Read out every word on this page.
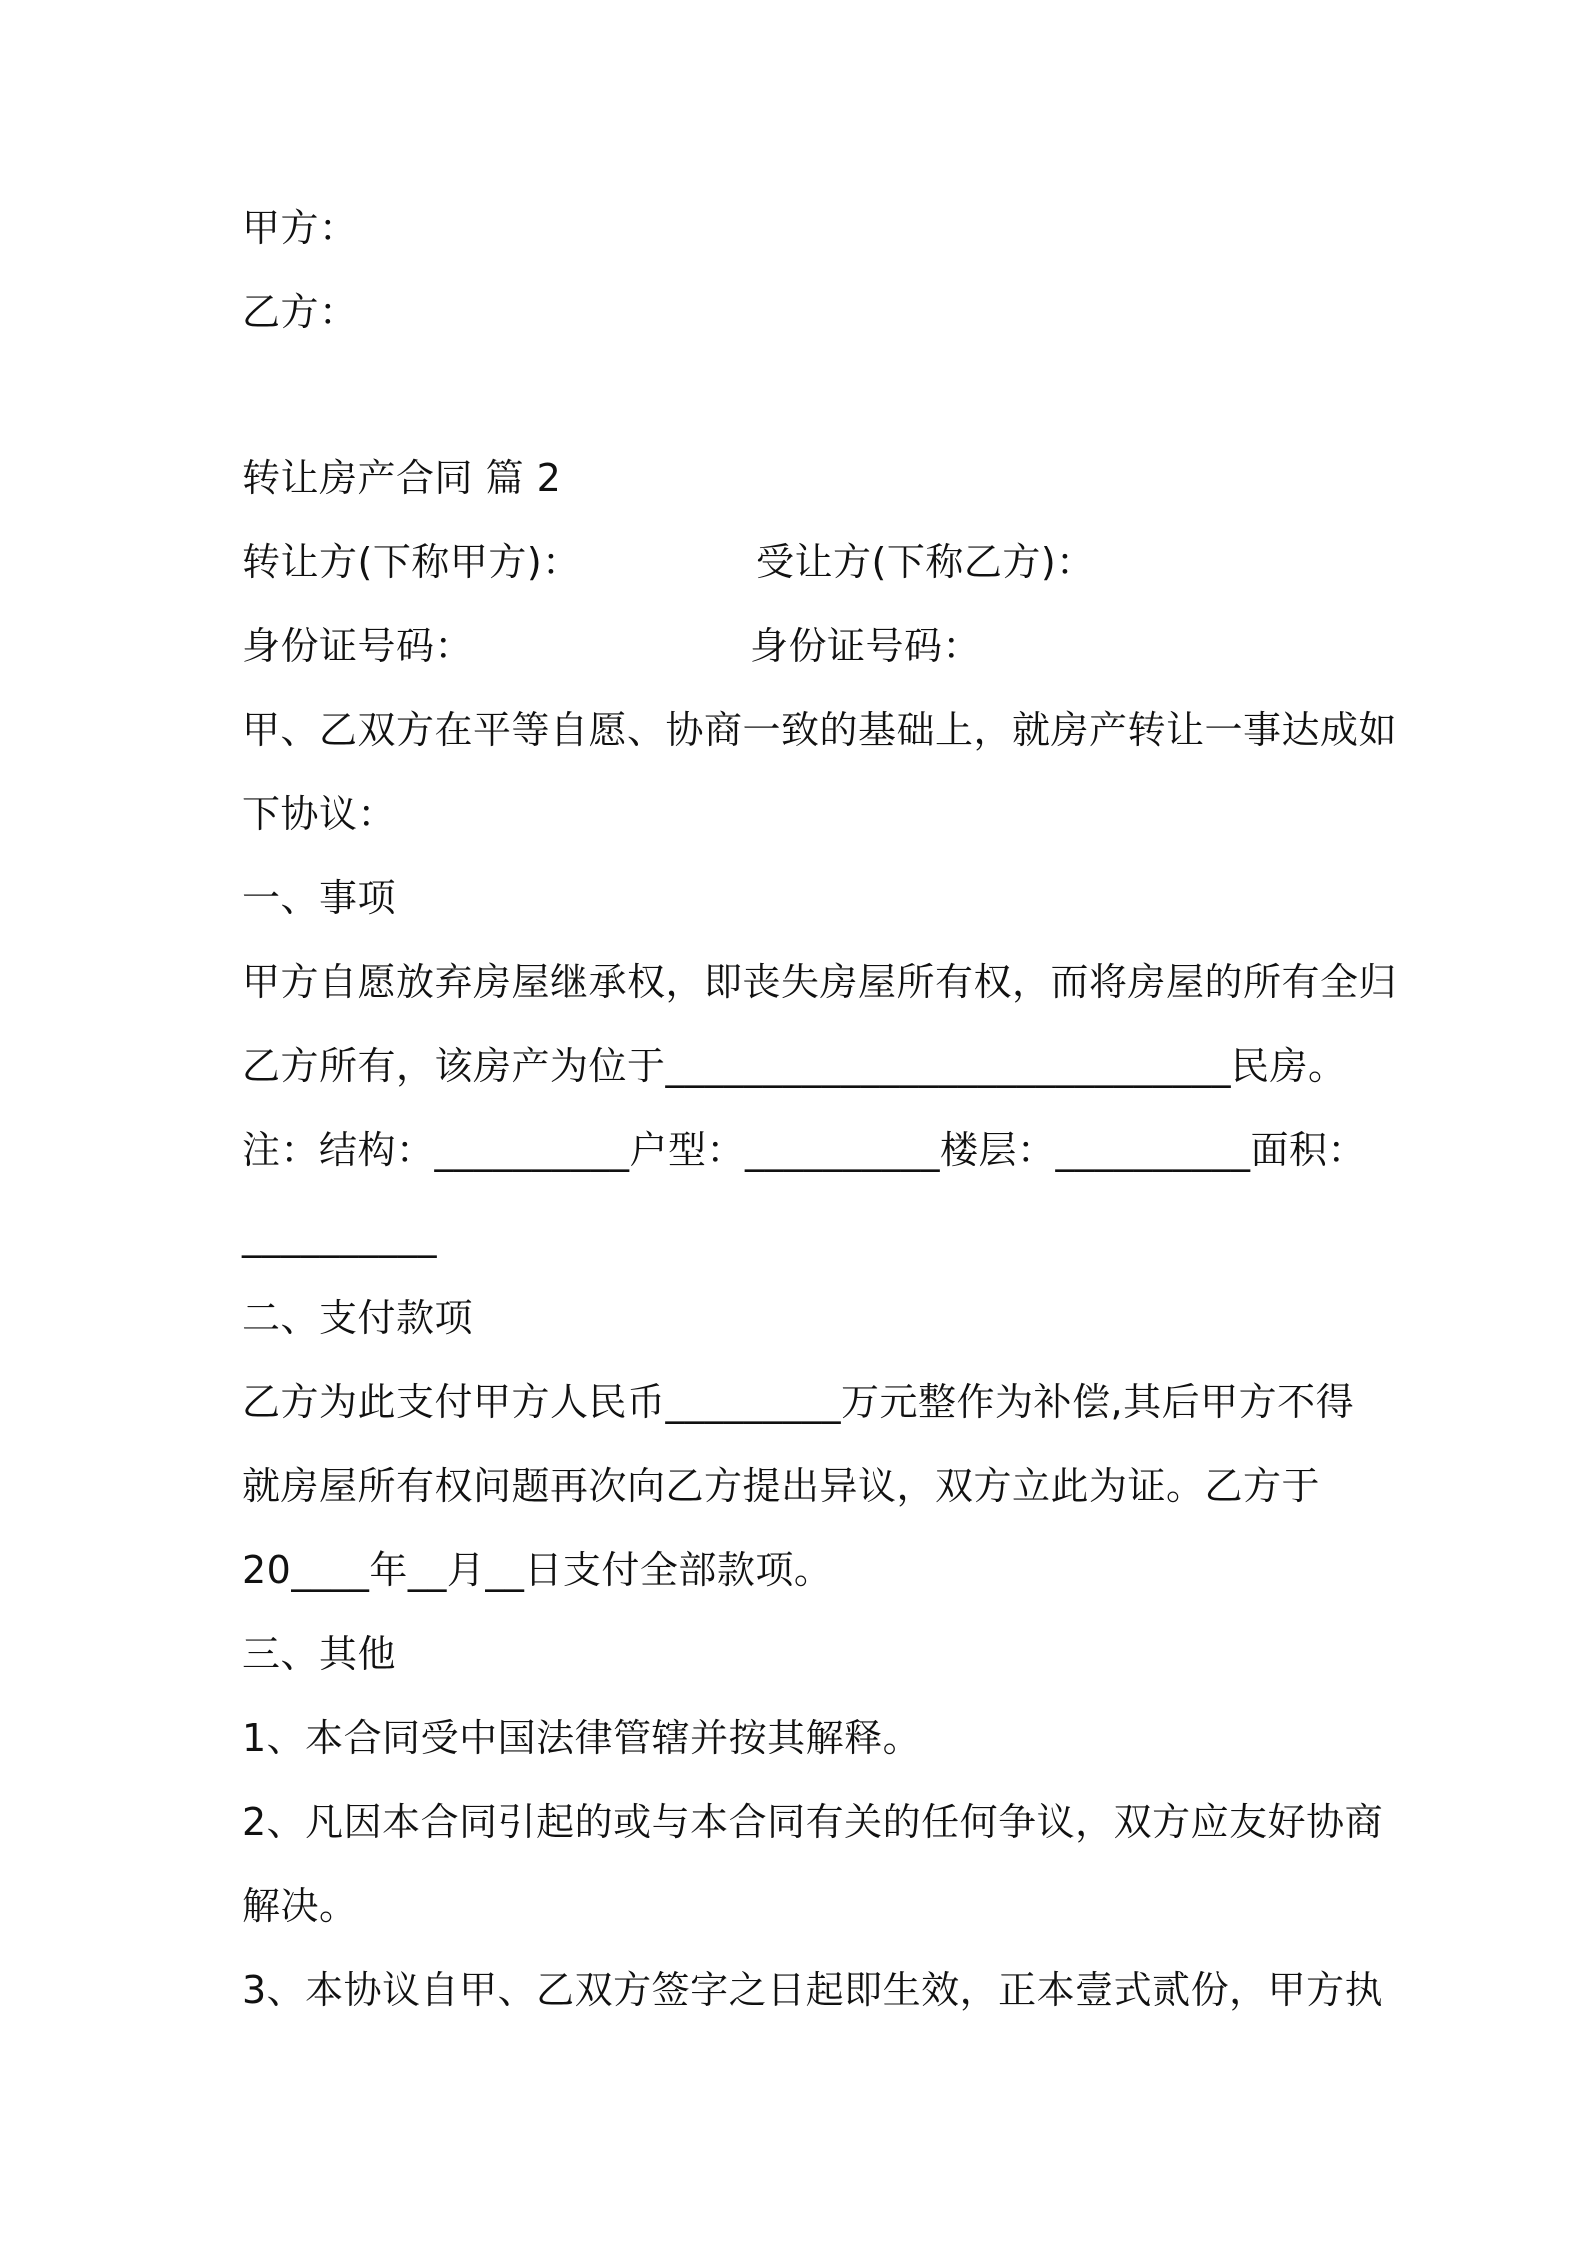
甲方：
乙方：
转让房产合同 篇 2
转让方(下称甲方)：	受让方(下称乙方)：
身份证号码：	身份证号码：
甲、乙双方在平等自愿、协商一致的基础上，就房产转让一事达成如
下协议：
一、事项
甲方自愿放弃房屋继承权，即丧失房屋所有权，而将房屋的所有全归
乙方所有，该房产为位于_____________________________民房。
注：结构：__________户型：__________楼层：__________面积：
__________
二、支付款项
乙方为此支付甲方人民币_________万元整作为补偿,其后甲方不得
就房屋所有权问题再次向乙方提出异议，双方立此为证。乙方于
20____年__月__日支付全部款项。
三、其他
1、本合同受中国法律管辖并按其解释。
2、凡因本合同引起的或与本合同有关的任何争议，双方应友好协商
解决。
3、本协议自甲、乙双方签字之日起即生效，正本壹式贰份，甲方执
